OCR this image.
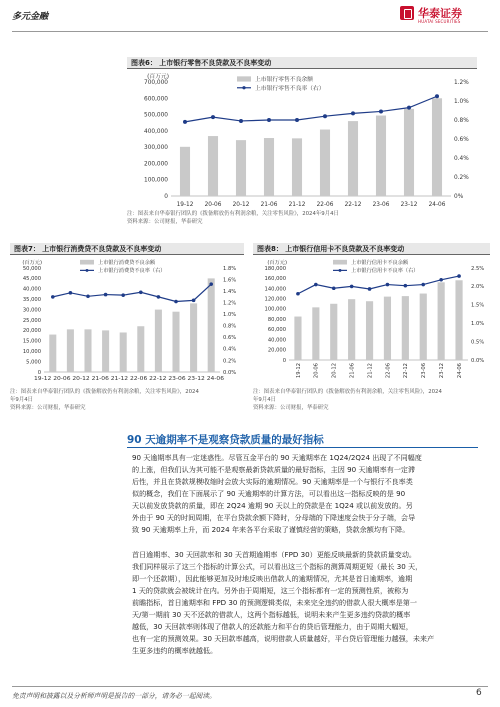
多元金融	华泰证券
HUATAI SECURITIES
图表6： 上市银行零售不良贷款及不良率变动
(百万元)
0
100,000
200,000
300,000
400,000
500,000
600,000
700,000
0%
0.2%
0.4%
0.6%
0.8%
1.0%
1.2%
19-12 20-06 20-12 21-06 21-12 22-06 22-12 23-06 23-12 24-06
上市银行零售不良余额
上市银行零售不良率（右）
注：图表来自华泰银行团队的《拨备解放仍有利润余粮，关注零售风险》，2024年9月4日
资料来源：公司财报，华泰研究
图表7： 上市银行消费贷不良贷款及不良率变动
(百万元)
0
5,000
10,000
15,000
20,000
25,000
30,000
35,000
40,000
45,000
50,000
0.0%
0.2%
0.4%
0.6%
0.8%
1.0%
1.2%
1.4%
1.6%
1.8%
19-12 20-06 20-12 21-06 21-12 22-06 22-12 23-06 23-12 24-06
上市银行消费贷不良余额
上市银行消费贷不良率（右）
注：图表来自华泰银行团队的《拨备解放仍有利润余粮，关注零售风险》，2024
年9月4日
资料来源：公司财报，华泰研究
图表8： 上市银行信用卡不良贷款及不良率变动
(百万元)
0
20,000
40,000
60,000
80,000
100,000
120,000
140,000
160,000
180,000
0.0%
0.5%
1.0%
1.5%
2.0%
2.5%
19-12 20-06 20-12 21-06 21-12 22-06 22-12 23-06 23-12 24-06
上市银行信用卡不良余额
上市银行信用卡不良率（右）
注：图表来自华泰银行团队的《拨备解放仍有利润余粮，关注零售风险》，2024
年9月4日
资料来源：公司财报，华泰研究
90 天逾期率不是观察贷款质量的最好指标
90 天逾期率具有一定迷惑性。尽管互金平台的 90 天逾期率在 1Q24/2Q24 出现了不同幅度
的上涨，但我们认为其可能不是观察最新贷款质量的最好指标，主因 90 天逾期率有一定滞
后性，并且在贷款规模收缩时会放大实际的逾期情况。90 天逾期率是一个与银行不良率类
似的概念，我们在下面展示了 90 天逾期率的计算方法，可以看出这一指标反映的是 90
天以前发放贷款的质量，即在 2Q24 逾期 90 天以上的贷款是在 1Q24 或以前发放的。另
外由于 90 天的时间周期，在平台贷款余额下降时，分母端的下降速度会快于分子端，会导
致 90 天逾期率上升，而 2024 年来各平台采取了谨慎经营的策略，贷款余额均有下降。
首日逾期率、30 天回款率和 30 天首期逾期率（FPD 30）更能反映最新的贷款质量变动。
我们同样展示了这三个指标的计算公式，可以看出这三个指标的测算周期更短（最长 30 天，
即一个还款期），因此能够更加及时地反映出借款人的逾期情况，尤其是首日逾期率，逾期
1 天的贷款就会被统计在内。另外由于周期短，这三个指标都有一定的预测性质，被称为
前瞻指标，首日逾期率和 FPD 30 的预测逻辑类似，未来完全违约的借款人很大概率是第一
天/第一期前 30 天不还款的借款人，这两个指标越低，说明未来产生更多违约贷款的概率
越低，30 天回款率则体现了借款人的还款能力和平台的贷后管理能力，由于周期大幅短，
也有一定的预测效果。30 天回款率越高，说明借款人质量越好，平台贷后管理能力越强，未来产
生更多违约的概率就越低。
免责声明和披露以及分析师声明是报告的一部分，请务必一起阅读。	6
